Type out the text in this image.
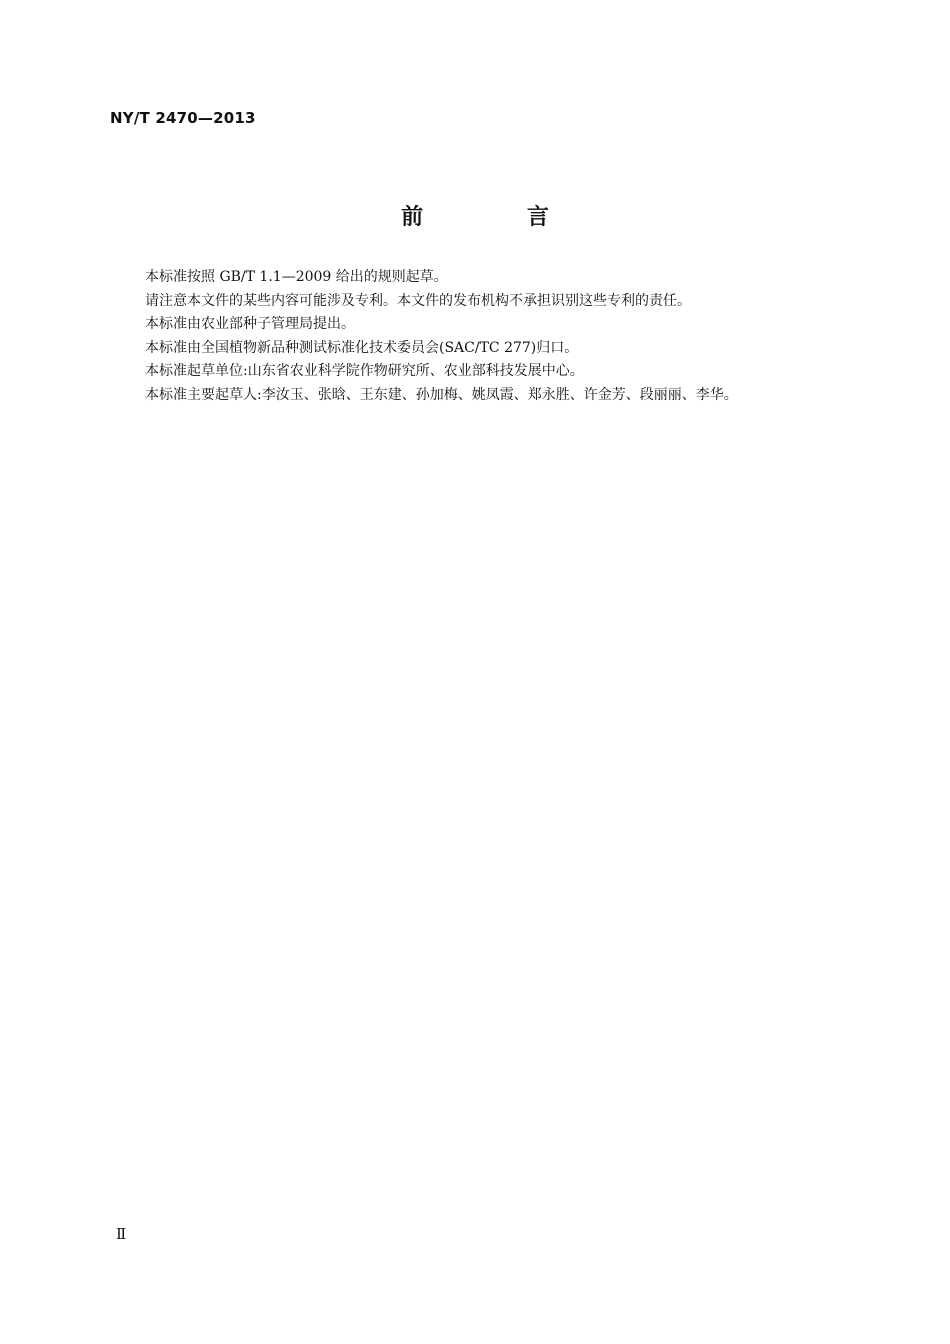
NY/T 2470—2013
前 言
本标准按照 GB/T 1.1—2009 给出的规则起草。
请注意本文件的某些内容可能涉及专利。本文件的发布机构不承担识别这些专利的责任。
本标准由农业部种子管理局提出。
本标准由全国植物新品种测试标准化技术委员会(SAC/TC 277)归口。
本标准起草单位:山东省农业科学院作物研究所、农业部科技发展中心。
本标准主要起草人:李汝玉、张晗、王东建、孙加梅、姚凤霞、郑永胜、许金芳、段丽丽、李华。
Ⅱ
